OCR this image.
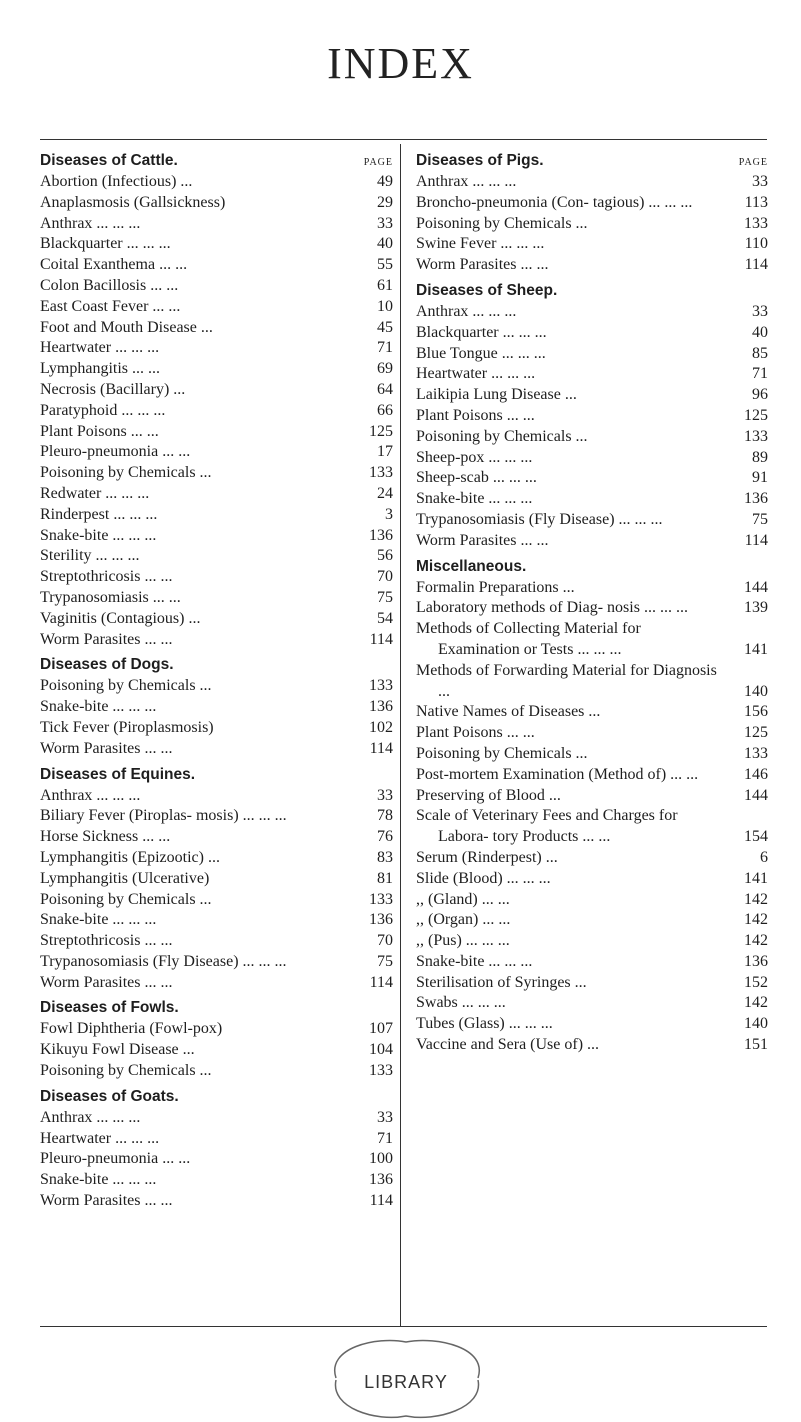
INDEX
Diseases of Cattle.	PAGE
Abortion (Infectious) ...	49
Anaplasmosis (Gallsickness)	29
Anthrax ... ... ...	33
Blackquarter ... ... ...	40
Coital Exanthema ... ...	55
Colon Bacillosis ... ...	61
East Coast Fever ... ...	10
Foot and Mouth Disease ...	45
Heartwater ... ... ...	71
Lymphangitis ... ...	69
Necrosis (Bacillary) ...	64
Paratyphoid ... ... ...	66
Plant Poisons ... ...	125
Pleuro-pneumonia ... ...	17
Poisoning by Chemicals ...	133
Redwater ... ... ...	24
Rinderpest ... ... ...	3
Snake-bite ... ... ...	136
Sterility ... ... ...	56
Streptothricosis ... ...	70
Trypanosomiasis ... ...	75
Vaginitis (Contagious) ...	54
Worm Parasites ... ...	114
Diseases of Dogs.
Poisoning by Chemicals ...	133
Snake-bite ... ... ...	136
Tick Fever (Piroplasmosis)	102
Worm Parasites ... ...	114
Diseases of Equines.
Anthrax ... ... ...	33
Biliary Fever (Piroplas- mosis) ... ... ...	78
Horse Sickness ... ...	76
Lymphangitis (Epizootic) ...	83
Lymphangitis (Ulcerative)	81
Poisoning by Chemicals ...	133
Snake-bite ... ... ...	136
Streptothricosis ... ...	70
Trypanosomiasis (Fly Disease) ... ... ...	75
Worm Parasites ... ...	114
Diseases of Fowls.
Fowl Diphtheria (Fowl-pox)	107
Kikuyu Fowl Disease ...	104
Poisoning by Chemicals ...	133
Diseases of Goats.
Anthrax ... ... ...	33
Heartwater ... ... ...	71
Pleuro-pneumonia ... ...	100
Snake-bite ... ... ...	136
Worm Parasites ... ...	114
Diseases of Pigs.	PAGE
Anthrax ... ... ...	33
Broncho-pneumonia (Con- tagious) ... ... ...	113
Poisoning by Chemicals ...	133
Swine Fever ... ... ...	110
Worm Parasites ... ...	114
Diseases of Sheep.
Anthrax ... ... ...	33
Blackquarter ... ... ...	40
Blue Tongue ... ... ...	85
Heartwater ... ... ...	71
Laikipia Lung Disease ...	96
Plant Poisons ... ...	125
Poisoning by Chemicals ...	133
Sheep-pox ... ... ...	89
Sheep-scab ... ... ...	91
Snake-bite ... ... ...	136
Trypanosomiasis (Fly Disease) ... ... ...	75
Worm Parasites ... ...	114
Miscellaneous.
Formalin Preparations ...	144
Laboratory methods of Diag- nosis ... ... ...	139
Methods of Collecting Material for Examination or Tests ... ... ...	141
Methods of Forwarding Material for Diagnosis ...	140
Native Names of Diseases ...	156
Plant Poisons ... ...	125
Poisoning by Chemicals ...	133
Post-mortem Examination (Method of) ... ...	146
Preserving of Blood ...	144
Scale of Veterinary Fees and Charges for Labora- tory Products ... ...	154
Serum (Rinderpest) ...	6
Slide (Blood) ... ... ...	141
,, (Gland) ... ...	142
,, (Organ) ... ...	142
,, (Pus) ... ... ...	142
Snake-bite ... ... ...	136
Sterilisation of Syringes ...	152
Swabs ... ... ...	142
Tubes (Glass) ... ... ...	140
Vaccine and Sera (Use of) ...	151
LIBRARY
